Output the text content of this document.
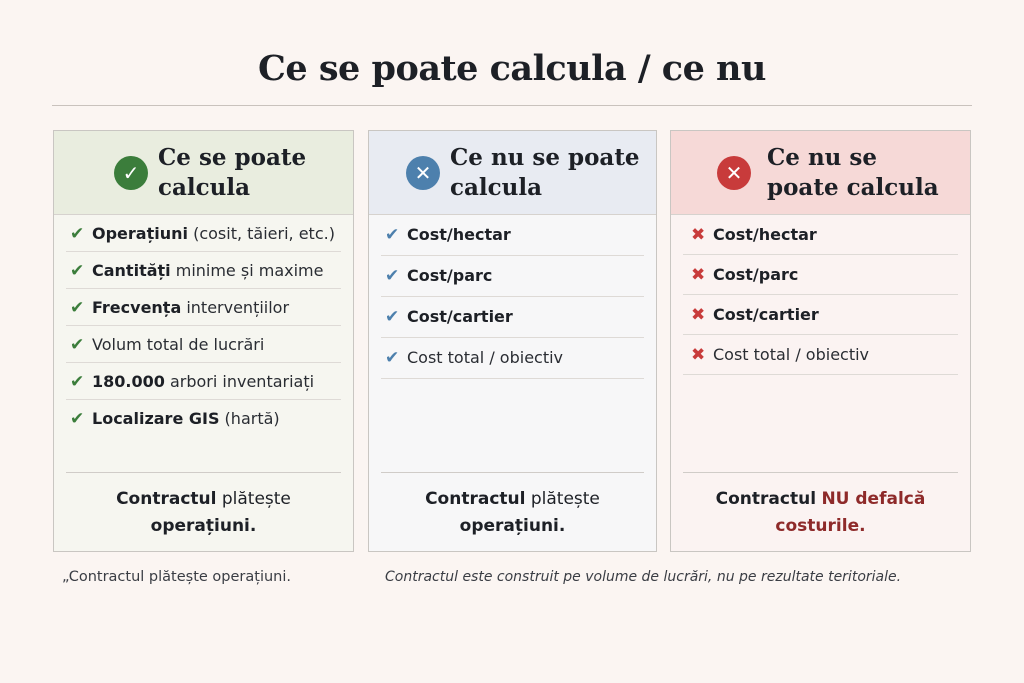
Ce se poate calcula / ce nu
✓
Ce se poate
calcula
✔ Operațiuni (cosit, tăieri, etc.)
✔ Cantități minime și maxime
✔ Frecvența intervențiilor
✔ Volum total de lucrări
✔ 180.000 arbori inventariați
✔ Localizare GIS (hartă)
Contractul plătește
operațiuni.
✕
Ce nu se poate
calcula
✔ Cost/hectar
✔ Cost/parc
✔ Cost/cartier
✔ Cost total / obiectiv
Contractul plătește
operațiuni.
✕
Ce nu se
poate calcula
✖ Cost/hectar
✖ Cost/parc
✖ Cost/cartier
✖ Cost total / obiectiv
Contractul NU defalcă
costurile.
„Contractul plătește operațiuni.	Contractul este construit pe volume de lucrări, nu pe rezultate teritoriale.
